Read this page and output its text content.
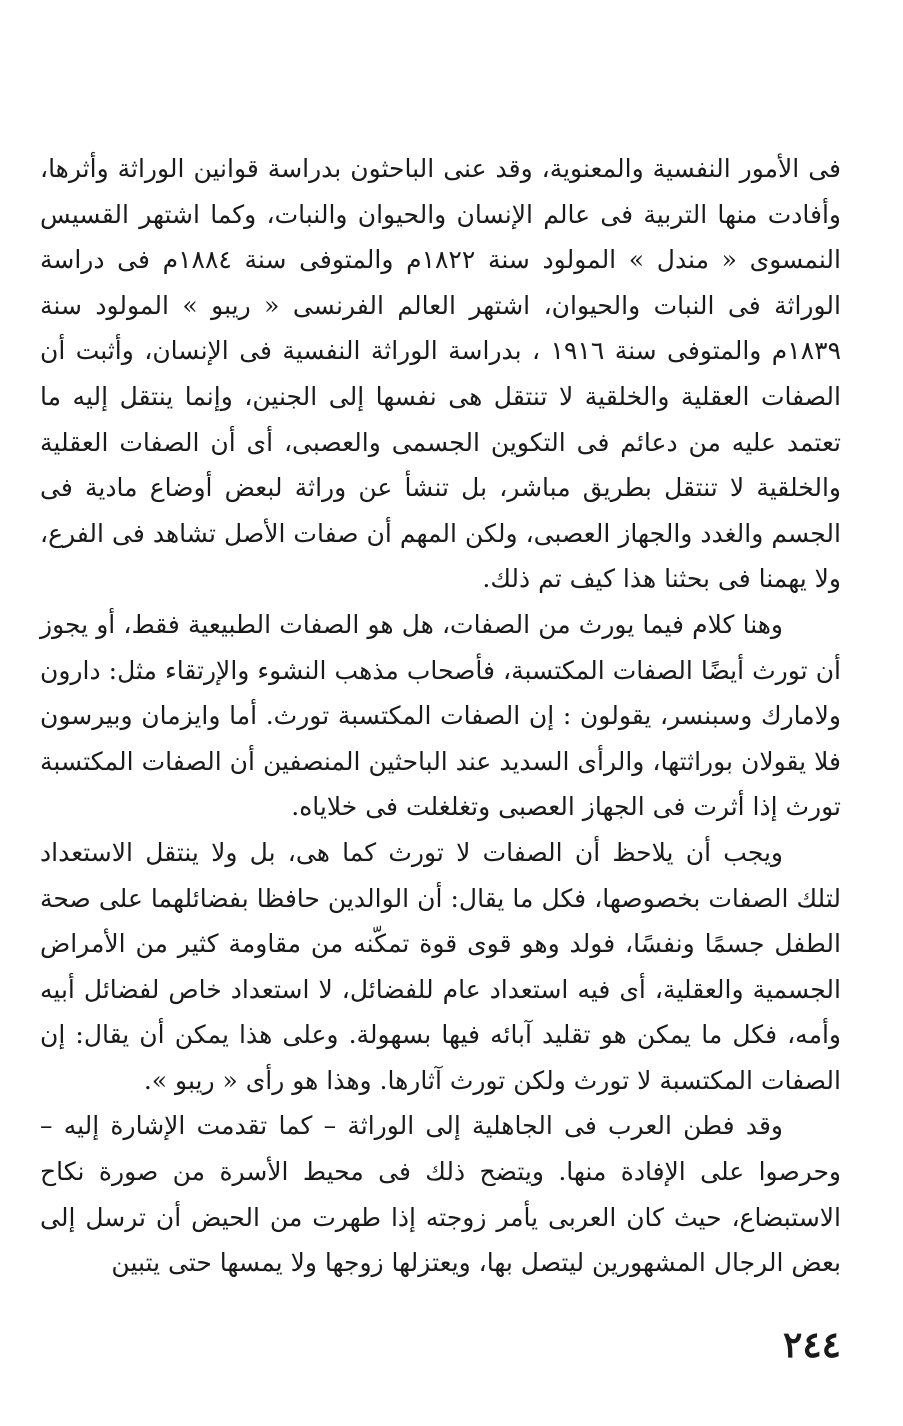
فى الأمور النفسية والمعنوية، وقد عنى الباحثون بدراسة قوانين الوراثة وأثرها، وأفادت منها التربية فى عالم الإنسان والحيوان والنبات، وكما اشتهر القسيس النمسوى « مندل » المولود سنة ١٨٢٢م والمتوفى سنة ١٨٨٤م فى دراسة الوراثة فى النبات والحيوان، اشتهر العالم الفرنسى « ريبو » المولود سنة ١٨٣٩م والمتوفى سنة ١٩١٦ ، بدراسة الوراثة النفسية فى الإنسان، وأثبت أن الصفات العقلية والخلقية لا تنتقل هى نفسها إلى الجنين، وإنما ينتقل إليه ما تعتمد عليه من دعائم فى التكوين الجسمى والعصبى، أى أن الصفات العقلية والخلقية لا تنتقل بطريق مباشر، بل تنشأ عن وراثة لبعض أوضاع مادية فى الجسم والغدد والجهاز العصبى، ولكن المهم أن صفات الأصل تشاهد فى الفرع، ولا يهمنا فى بحثنا هذا كيف تم ذلك.

وهنا كلام فيما يورث من الصفات، هل هو الصفات الطبيعية فقط، أو يجوز أن تورث أيضًا الصفات المكتسبة، فأصحاب مذهب النشوء والإرتقاء مثل: دارون ولامارك وسبنسر، يقولون : إن الصفات المكتسبة تورث. أما وايزمان وبيرسون فلا يقولان بوراثتها، والرأى السديد عند الباحثين المنصفين أن الصفات المكتسبة تورث إذا أثرت فى الجهاز العصبى وتغلغلت فى خلاياه.

ويجب أن يلاحظ أن الصفات لا تورث كما هى، بل ولا ينتقل الاستعداد لتلك الصفات بخصوصها، فكل ما يقال: أن الوالدين حافظا بفضائلهما على صحة الطفل جسمًا ونفسًا، فولد وهو قوى قوة تمكّنه من مقاومة كثير من الأمراض الجسمية والعقلية، أى فيه استعداد عام للفضائل، لا استعداد خاص لفضائل أبيه وأمه، فكل ما يمكن هو تقليد آبائه فيها بسهولة. وعلى هذا يمكن أن يقال: إن الصفات المكتسبة لا تورث ولكن تورث آثارها. وهذا هو رأى « ريبو ».

وقد فطن العرب فى الجاهلية إلى الوراثة – كما تقدمت الإشارة إليه – وحرصوا على الإفادة منها. ويتضح ذلك فى محيط الأسرة من صورة نكاح الاستبضاع، حيث كان العربى يأمر زوجته إذا طهرت من الحيض أن ترسل إلى بعض الرجال المشهورين ليتصل بها، ويعتزلها زوجها ولا يمسها حتى يتبين

٢٤٤
